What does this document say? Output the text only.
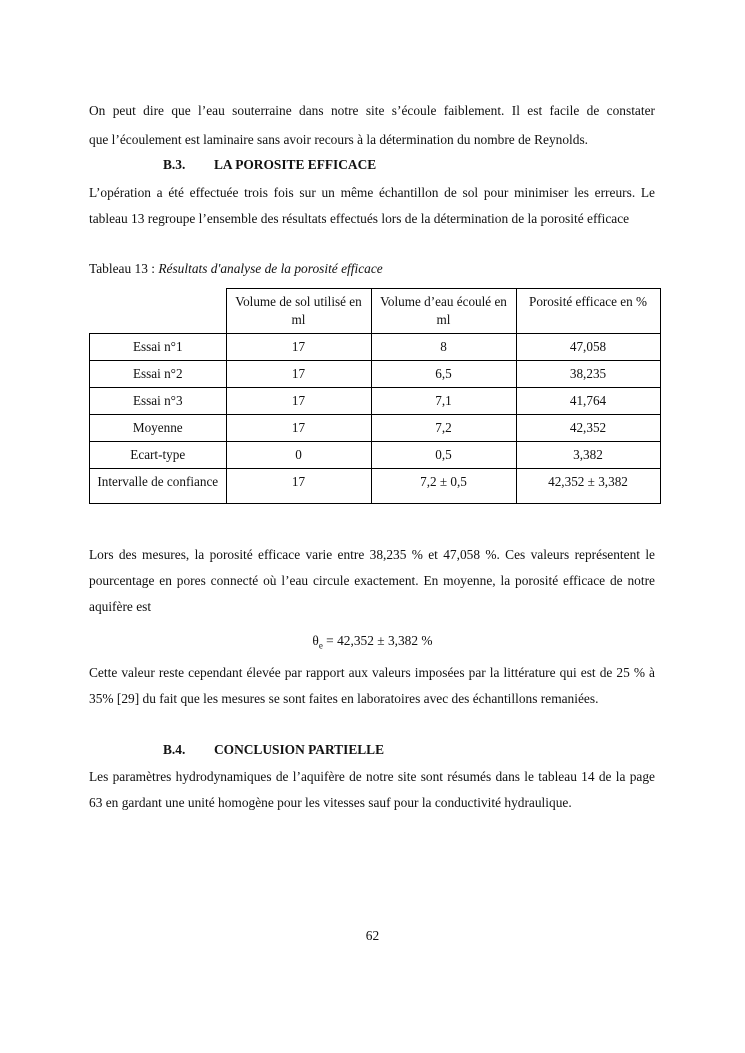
On peut dire que l’eau souterraine dans notre site s’écoule faiblement. Il est facile de constater

que l’écoulement est laminaire sans avoir recours à la détermination du nombre de Reynolds.

B.3. LA POROSITE EFFICACE

L’opération a été effectuée trois fois sur un même échantillon de sol pour minimiser les erreurs. Le tableau 13 regroupe l’ensemble des résultats effectués lors de la détermination de la porosité efficace

Tableau 13 : Résultats d'analyse de la porosité efficace

	Volume de sol utilisé en ml	Volume d’eau écoulé en ml	Porosité efficace en %
Essai n°1	17	8	47,058
Essai n°2	17	6,5	38,235
Essai n°3	17	7,1	41,764
Moyenne	17	7,2	42,352
Ecart-type	0	0,5	3,382
Intervalle de confiance	17	7,2 ± 0,5	42,352 ± 3,382

Lors des mesures, la porosité efficace varie entre 38,235 % et 47,058 %. Ces valeurs représentent le pourcentage en pores connecté où l’eau circule exactement. En moyenne, la porosité efficace de notre aquifère est

$\theta_e = 42,352 \pm 3,382$ %

Cette valeur reste cependant élevée par rapport aux valeurs imposées par la littérature qui est de 25 % à 35% [29] du fait que les mesures se sont faites en laboratoires avec des échantillons remaniées.

B.4. CONCLUSION PARTIELLE

Les paramètres hydrodynamiques de l’aquifère de notre site sont résumés dans le tableau 14 de la page 63 en gardant une unité homogène pour les vitesses sauf pour la conductivité hydraulique.

62
